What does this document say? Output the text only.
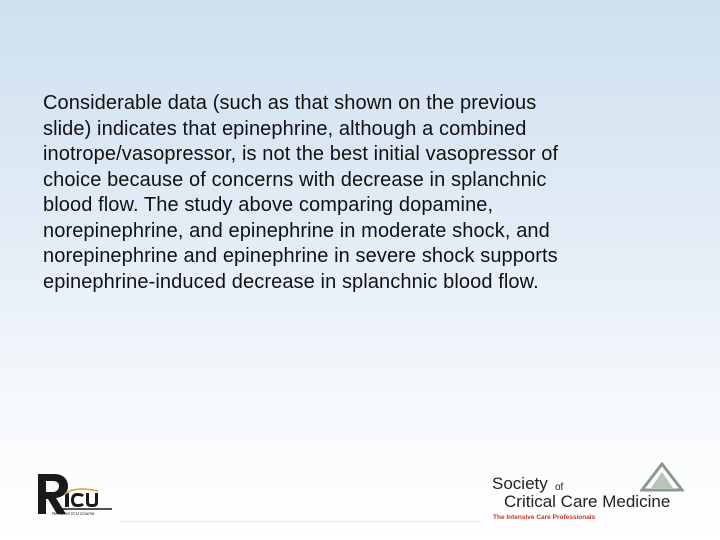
Considerable data (such as that shown on the previous
slide) indicates that epinephrine, although a combined
inotrope/vasopressor, is not the best initial vasopressor of
choice because of concerns with decrease in splanchnic
blood flow. The study above comparing dopamine,
norepinephrine, and epinephrine in moderate shock, and
norepinephrine and epinephrine in severe shock supports
epinephrine-induced decrease in splanchnic blood flow.
Resident ICU Course
Society of
Critical Care Medicine
The Intensive Care Professionals
